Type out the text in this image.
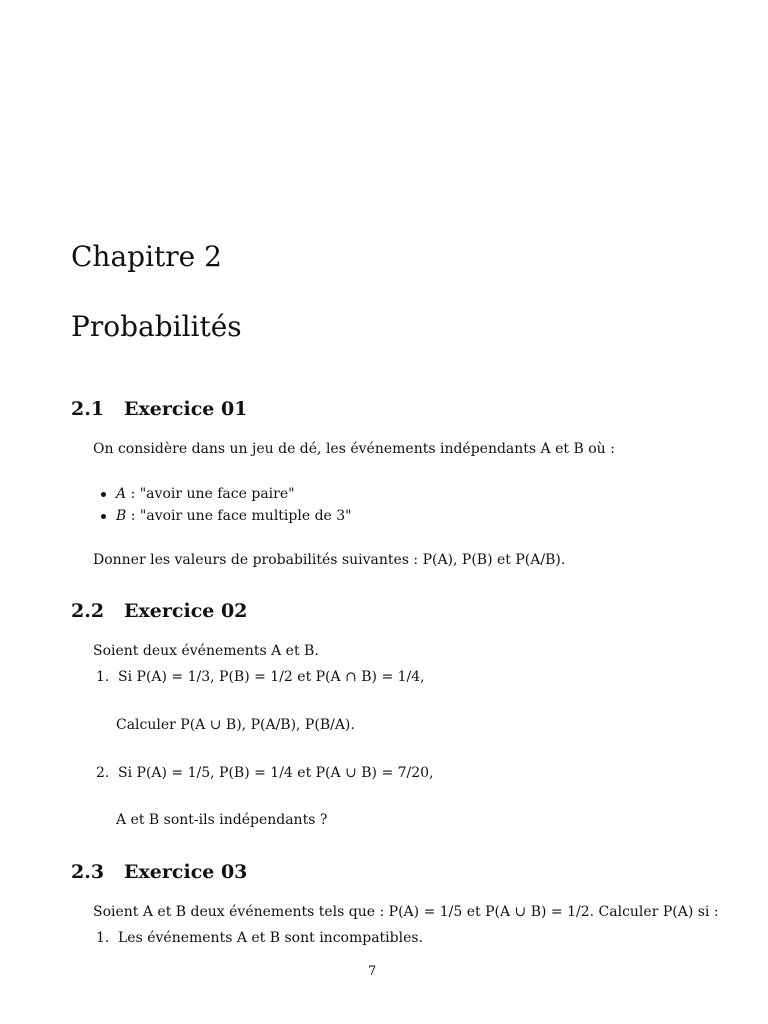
Chapitre 2
Probabilités
2.1 Exercice 01
On considère dans un jeu de dé, les événements indépendants A et B où :
A : "avoir une face paire"
B : "avoir une face multiple de 3"
Donner les valeurs de probabilités suivantes : P(A), P(B) et P(A/B).
2.2 Exercice 02
Soient deux événements A et B.
1. Si P(A) = 1/3, P(B) = 1/2 et P(A ∩ B) = 1/4,
Calculer P(A ∪ B), P(A/B), P(B/A).
2. Si P(A) = 1/5, P(B) = 1/4 et P(A ∪ B) = 7/20,
A et B sont-ils indépendants ?
2.3 Exercice 03
Soient A et B deux événements tels que : P(A) = 1/5 et P(A ∪ B) = 1/2. Calculer P(A) si :
1. Les événements A et B sont incompatibles.
7
